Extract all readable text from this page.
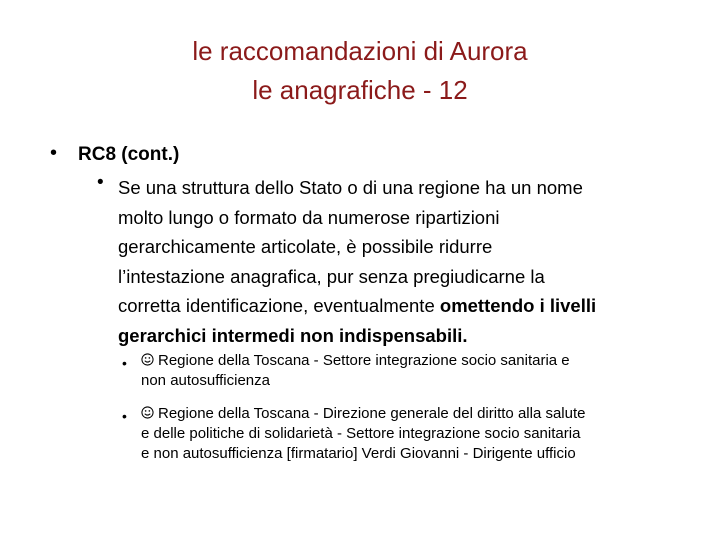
le raccomandazioni di Aurora
le anagrafiche - 12
• RC8 (cont.)
• Se una struttura dello Stato o di una regione ha un nome
molto lungo o formato da numerose ripartizioni
gerarchicamente articolate, è possibile ridurre
l’intestazione anagrafica, pur senza pregiudicarne la
corretta identificazione, eventualmente omettendo i livelli
gerarchici intermedi non indispensabili.
•	Regione della Toscana - Settore integrazione socio sanitaria e
non autosufficienza
•	Regione della Toscana - Direzione generale del diritto alla salute
e delle politiche di solidarietà - Settore integrazione socio sanitaria
e non autosufficienza [firmatario] Verdi Giovanni - Dirigente ufficio
